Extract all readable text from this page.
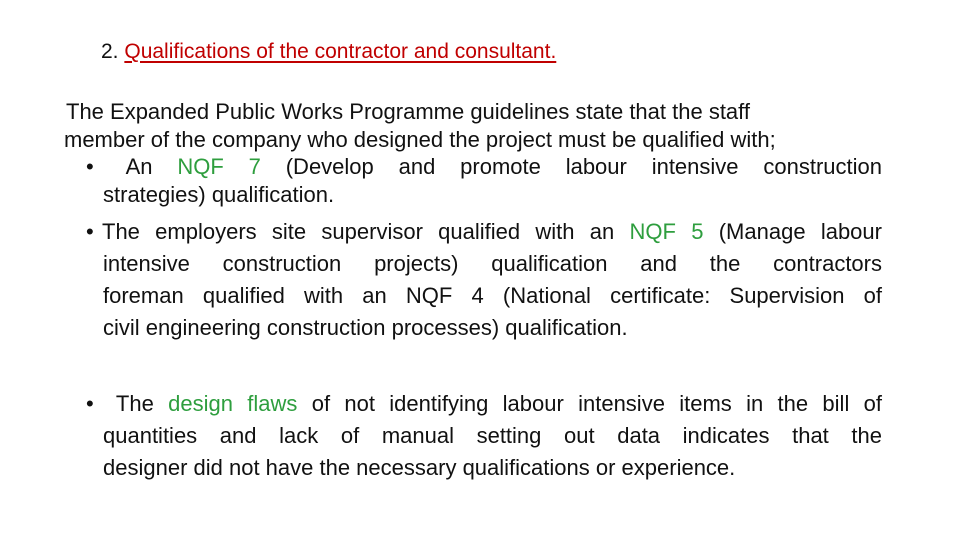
2. Qualifications of the contractor and consultant.
The Expanded Public Works Programme guidelines state that the staff
member of the company who designed the project must be qualified with;
• An NQF 7 (Develop and promote labour intensive construction
strategies) qualification.
• The employers site supervisor qualified with an NQF 5 (Manage labour
intensive construction projects) qualification and the contractors
foreman qualified with an NQF 4 (National certificate: Supervision of
civil engineering construction processes) qualification.
• The design flaws of not identifying labour intensive items in the bill of
quantities and lack of manual setting out data indicates that the
designer did not have the necessary qualifications or experience.
